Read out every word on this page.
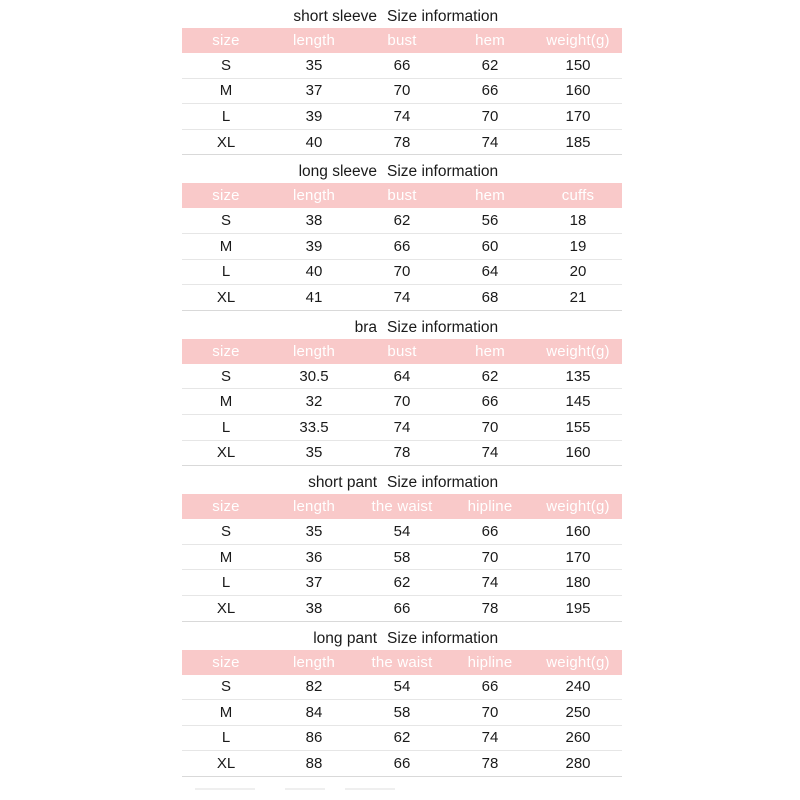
short sleeve Size information
size	length	bust	hem	weight(g)
S	35	66	62	150
M	37	70	66	160
L	39	74	70	170
XL	40	78	74	185
long sleeve Size information
size	length	bust	hem	cuffs
S	38	62	56	18
M	39	66	60	19
L	40	70	64	20
XL	41	74	68	21
bra Size information
size	length	bust	hem	weight(g)
S	30.5	64	62	135
M	32	70	66	145
L	33.5	74	70	155
XL	35	78	74	160
short pant Size information
size	length	the waist	hipline	weight(g)
S	35	54	66	160
M	36	58	70	170
L	37	62	74	180
XL	38	66	78	195
long pant Size information
size	length	the waist	hipline	weight(g)
S	82	54	66	240
M	84	58	70	250
L	86	62	74	260
XL	88	66	78	280
